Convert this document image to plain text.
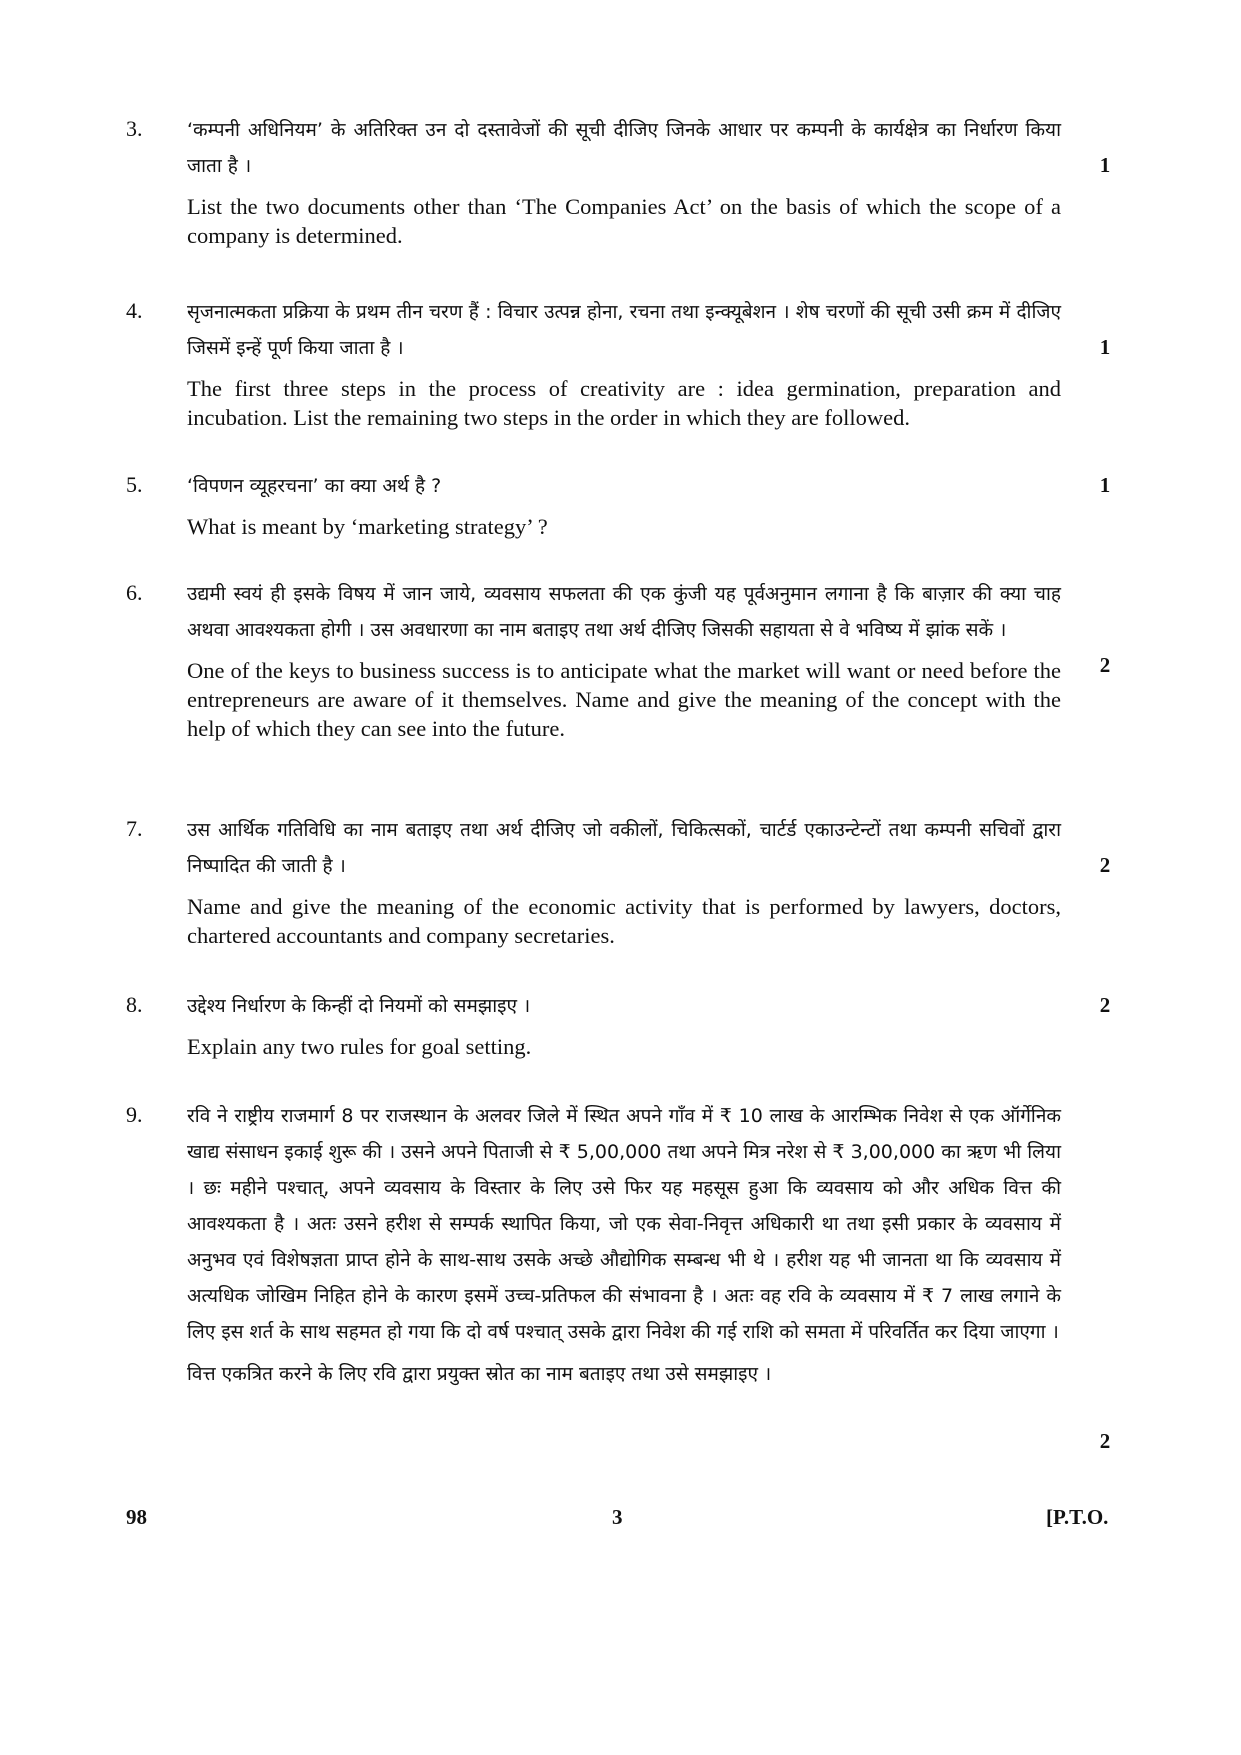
3. ‘कम्पनी अधिनियम’ के अतिरिक्त उन दो दस्तावेजों की सूची दीजिए जिनके आधार पर कम्पनी के कार्यक्षेत्र का निर्धारण किया जाता है ।

List the two documents other than ‘The Companies Act’ on the basis of which the scope of a company is determined.

1
4. सृजनात्मकता प्रक्रिया के प्रथम तीन चरण हैं : विचार उत्पन्न होना, रचना तथा इन्क्यूबेशन । शेष चरणों की सूची उसी क्रम में दीजिए जिसमें इन्हें पूर्ण किया जाता है ।

The first three steps in the process of creativity are : idea germination, preparation and incubation. List the remaining two steps in the order in which they are followed.

1
5. ‘विपणन व्यूहरचना’ का क्या अर्थ है ?

What is meant by ‘marketing strategy’ ?

1
6. उद्यमी स्वयं ही इसके विषय में जान जाये, व्यवसाय सफलता की एक कुंजी यह पूर्वअनुमान लगाना है कि बाज़ार की क्या चाह अथवा आवश्यकता होगी । उस अवधारणा का नाम बताइए तथा अर्थ दीजिए जिसकी सहायता से वे भविष्य में झांक सकें ।

One of the keys to business success is to anticipate what the market will want or need before the entrepreneurs are aware of it themselves. Name and give the meaning of the concept with the help of which they can see into the future.

2
7. उस आर्थिक गतिविधि का नाम बताइए तथा अर्थ दीजिए जो वकीलों, चिकित्सकों, चार्टर्ड एकाउन्टेन्टों तथा कम्पनी सचिवों द्वारा निष्पादित की जाती है ।

Name and give the meaning of the economic activity that is performed by lawyers, doctors, chartered accountants and company secretaries.

2
8. उद्देश्य निर्धारण के किन्हीं दो नियमों को समझाइए ।

Explain any two rules for goal setting.

2
9. रवि ने राष्ट्रीय राजमार्ग 8 पर राजस्थान के अलवर जिले में स्थित अपने गाँव में ₹ 10 लाख के आरम्भिक निवेश से एक ऑर्गेनिक खाद्य संसाधन इकाई शुरू की । उसने अपने पिताजी से ₹ 5,00,000 तथा अपने मित्र नरेश से ₹ 3,00,000 का ऋण भी लिया । छः महीने पश्चात्, अपने व्यवसाय के विस्तार के लिए उसे फिर यह महसूस हुआ कि व्यवसाय को और अधिक वित्त की आवश्यकता है । अतः उसने हरीश से सम्पर्क स्थापित किया, जो एक सेवा-निवृत्त अधिकारी था तथा इसी प्रकार के व्यवसाय में अनुभव एवं विशेषज्ञता प्राप्त होने के साथ-साथ उसके अच्छे औद्योगिक सम्बन्ध भी थे । हरीश यह भी जानता था कि व्यवसाय में अत्यधिक जोखिम निहित होने के कारण इसमें उच्च-प्रतिफल की संभावना है । अतः वह रवि के व्यवसाय में ₹ 7 लाख लगाने के लिए इस शर्त के साथ सहमत हो गया कि दो वर्ष पश्चात् उसके द्वारा निवेश की गई राशि को समता में परिवर्तित कर दिया जाएगा ।

वित्त एकत्रित करने के लिए रवि द्वारा प्रयुक्त स्रोत का नाम बताइए तथा उसे समझाइए ।

2
98	3	[P.T.O.
